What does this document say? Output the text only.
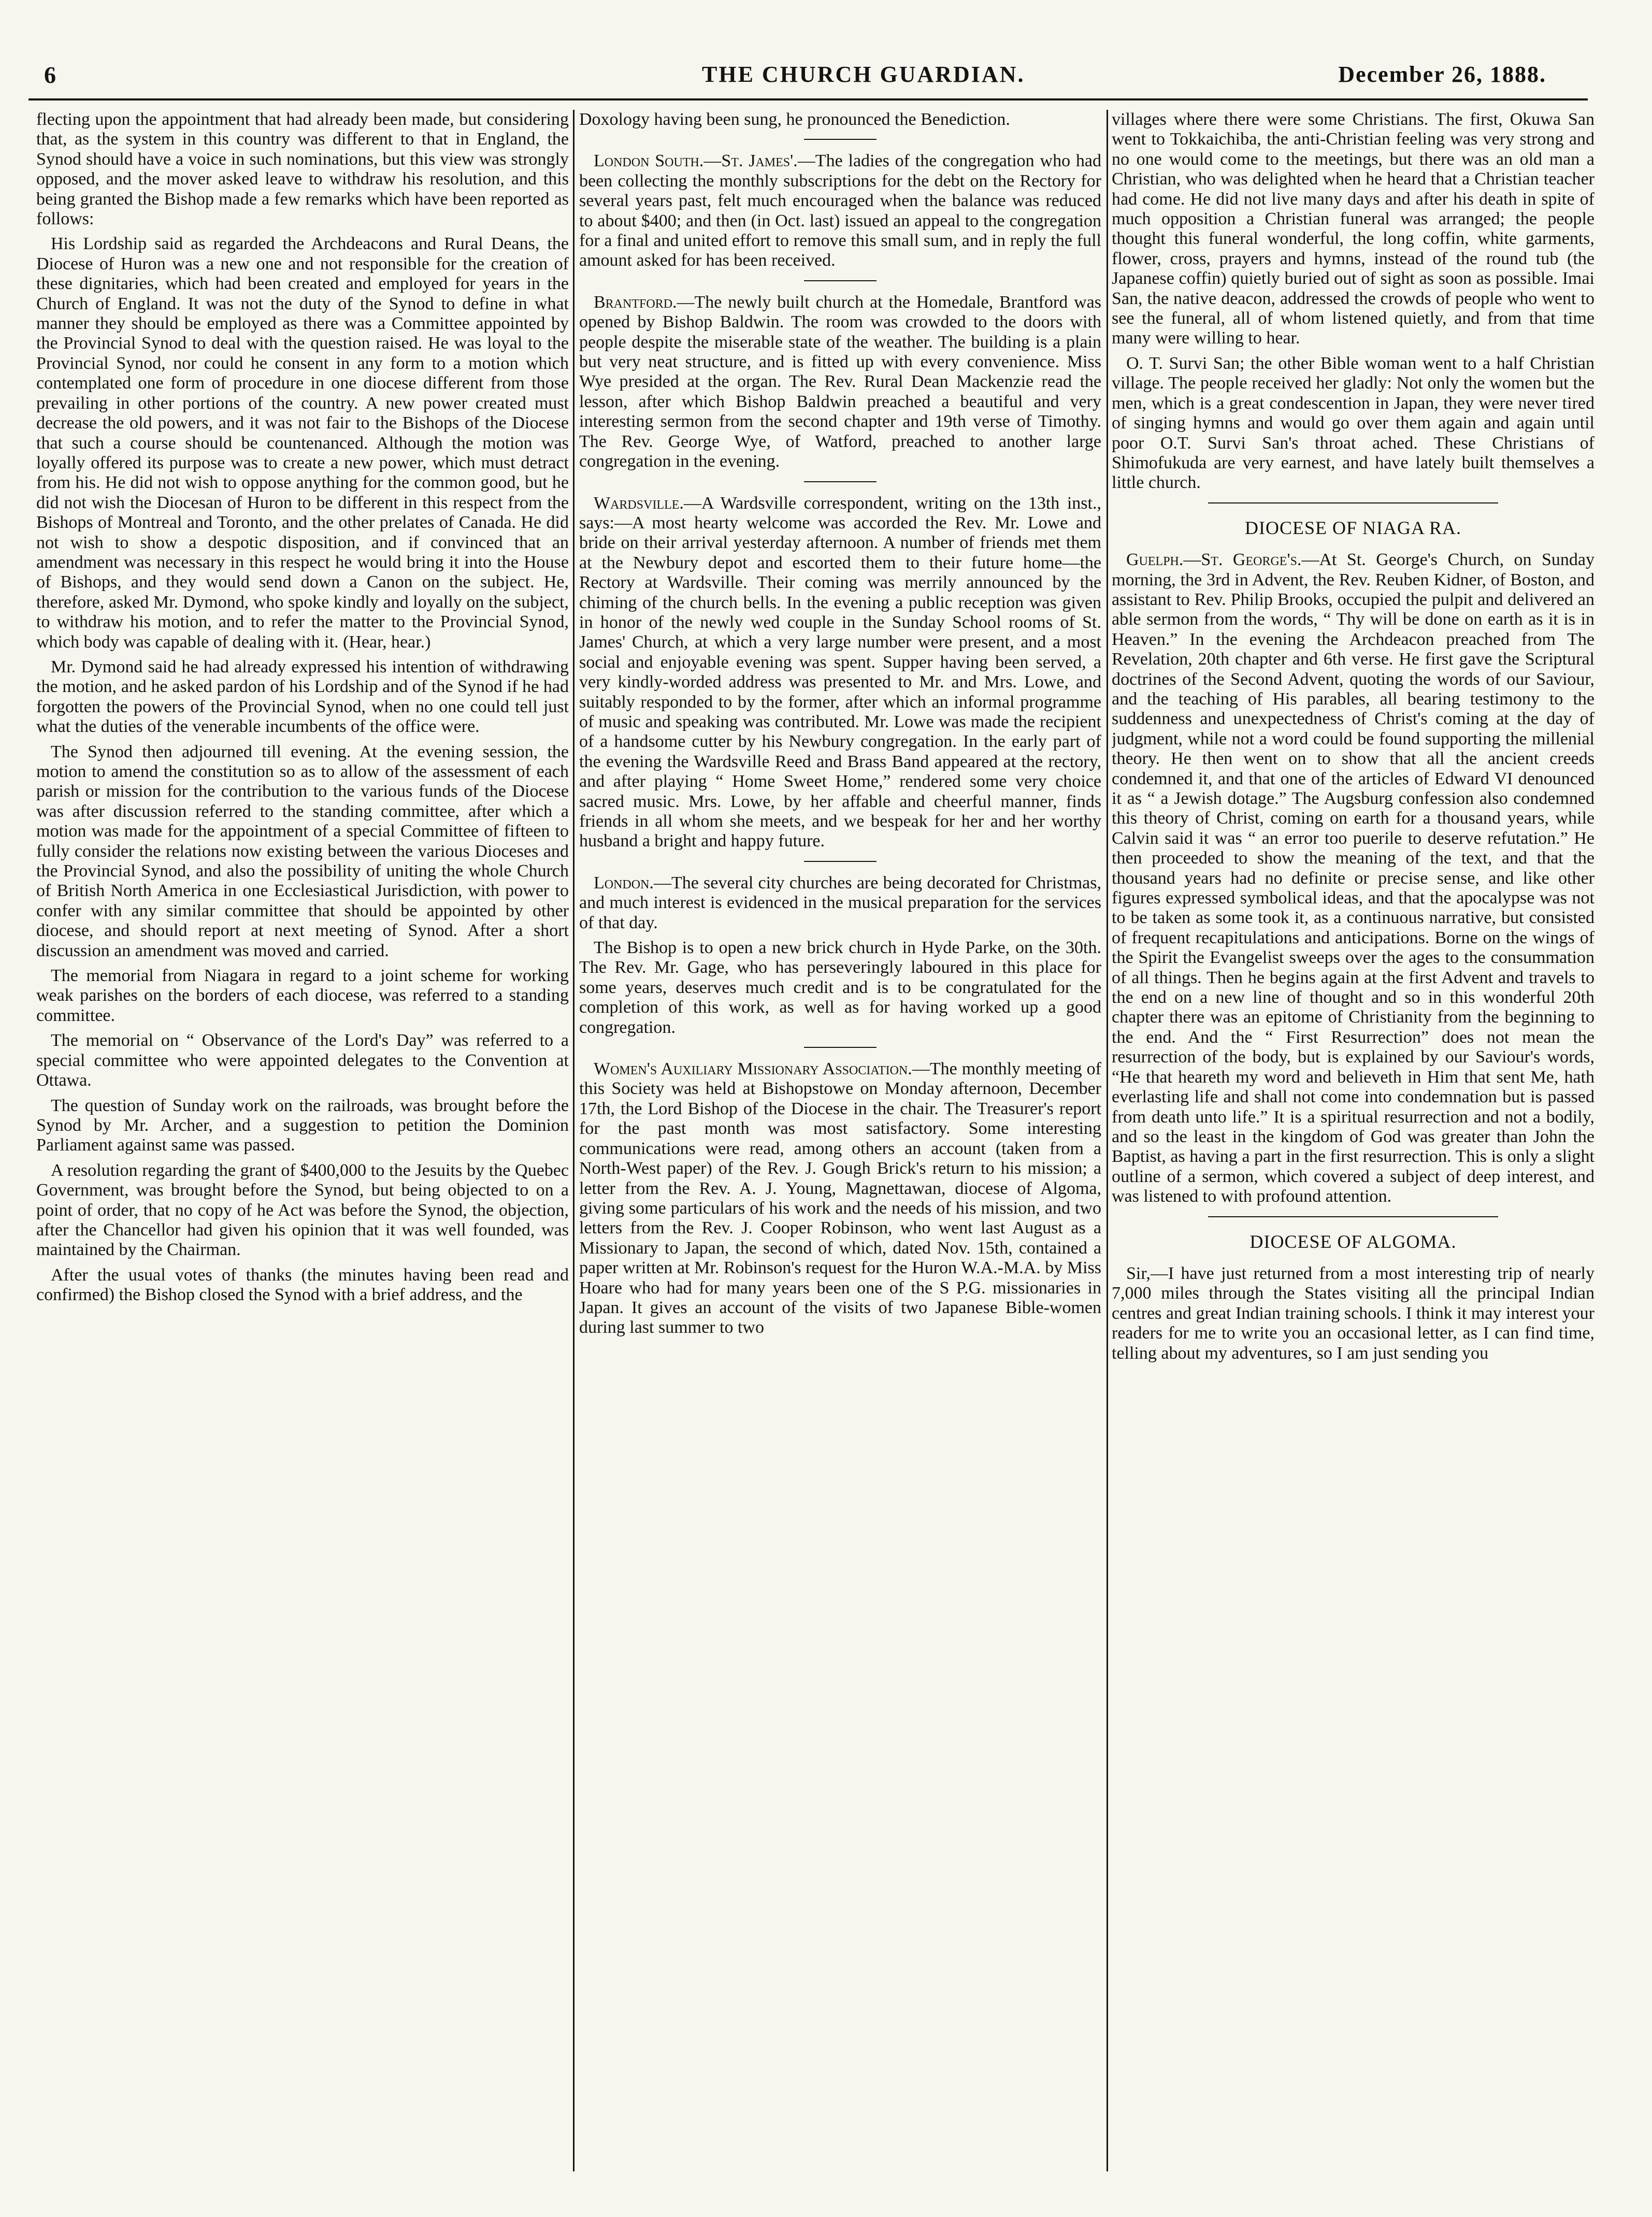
6	THE CHURCH GUARDIAN.	December 26, 1888.

flecting upon the appointment that had already been made, but considering that, as the system in this country was different to that in England, the Synod should have a voice in such nominations, but this view was strongly opposed, and the mover asked leave to withdraw his resolution, and this being granted the Bishop made a few remarks which have been reported as follows:

His Lordship said as regarded the Archdeacons and Rural Deans, the Diocese of Huron was a new one and not responsible for the creation of these dignitaries, which had been created and employed for years in the Church of England. It was not the duty of the Synod to define in what manner they should be employed as there was a Committee appointed by the Provincial Synod to deal with the question raised. He was loyal to the Provincial Synod, nor could he consent in any form to a motion which contemplated one form of procedure in one diocese different from those prevailing in other portions of the country. A new power created must decrease the old powers, and it was not fair to the Bishops of the Diocese that such a course should be countenanced. Although the motion was loyally offered its purpose was to create a new power, which must detract from his. He did not wish to oppose anything for the common good, but he did not wish the Diocesan of Huron to be different in this respect from the Bishops of Montreal and Toronto, and the other prelates of Canada. He did not wish to show a despotic disposition, and if convinced that an amendment was necessary in this respect he would bring it into the House of Bishops, and they would send down a Canon on the subject. He, therefore, asked Mr. Dymond, who spoke kindly and loyally on the subject, to withdraw his motion, and to refer the matter to the Provincial Synod, which body was capable of dealing with it. (Hear, hear.)

Mr. Dymond said he had already expressed his intention of withdrawing the motion, and he asked pardon of his Lordship and of the Synod if he had forgotten the powers of the Provincial Synod, when no one could tell just what the duties of the venerable incumbents of the office were.

The Synod then adjourned till evening. At the evening session, the motion to amend the constitution so as to allow of the assessment of each parish or mission for the contribution to the various funds of the Diocese was after discussion referred to the standing committee, after which a motion was made for the appointment of a special Committee of fifteen to fully consider the relations now existing between the various Dioceses and the Provincial Synod, and also the possibility of uniting the whole Church of British North America in one Ecclesiastical Jurisdiction, with power to confer with any similar committee that should be appointed by other diocese, and should report at next meeting of Synod. After a short discussion an amendment was moved and carried.

The memorial from Niagara in regard to a joint scheme for working weak parishes on the borders of each diocese, was referred to a standing committee.

The memorial on “ Observance of the Lord's Day” was referred to a special committee who were appointed delegates to the Convention at Ottawa.

The question of Sunday work on the railroads, was brought before the Synod by Mr. Archer, and a suggestion to petition the Dominion Parliament against same was passed.

A resolution regarding the grant of $400,000 to the Jesuits by the Quebec Government, was brought before the Synod, but being objected to on a point of order, that no copy of he Act was before the Synod, the objection, after the Chancellor had given his opinion that it was well founded, was maintained by the Chairman.

After the usual votes of thanks (the minutes having been read and confirmed) the Bishop closed the Synod with a brief address, and the

Doxology having been sung, he pronounced the Benediction.

London South.—St. James'.—The ladies of the congregation who had been collecting the monthly subscriptions for the debt on the Rectory for several years past, felt much encouraged when the balance was reduced to about $400; and then (in Oct. last) issued an appeal to the congregation for a final and united effort to remove this small sum, and in reply the full amount asked for has been received.

Brantford.—The newly built church at the Homedale, Brantford was opened by Bishop Baldwin. The room was crowded to the doors with people despite the miserable state of the weather. The building is a plain but very neat structure, and is fitted up with every convenience. Miss Wye presided at the organ. The Rev. Rural Dean Mackenzie read the lesson, after which Bishop Baldwin preached a beautiful and very interesting sermon from the second chapter and 19th verse of Timothy. The Rev. George Wye, of Watford, preached to another large congregation in the evening.

Wardsville.—A Wardsville correspondent, writing on the 13th inst., says:—A most hearty welcome was accorded the Rev. Mr. Lowe and bride on their arrival yesterday afternoon. A number of friends met them at the Newbury depot and escorted them to their future home—the Rectory at Wardsville. Their coming was merrily announced by the chiming of the church bells. In the evening a public reception was given in honor of the newly wed couple in the Sunday School rooms of St. James' Church, at which a very large number were present, and a most social and enjoyable evening was spent. Supper having been served, a very kindly-worded address was presented to Mr. and Mrs. Lowe, and suitably responded to by the former, after which an informal programme of music and speaking was contributed. Mr. Lowe was made the recipient of a handsome cutter by his Newbury congregation. In the early part of the evening the Wardsville Reed and Brass Band appeared at the rectory, and after playing “ Home Sweet Home,” rendered some very choice sacred music. Mrs. Lowe, by her affable and cheerful manner, finds friends in all whom she meets, and we bespeak for her and her worthy husband a bright and happy future.

London.—The several city churches are being decorated for Christmas, and much interest is evidenced in the musical preparation for the services of that day.

The Bishop is to open a new brick church in Hyde Parke, on the 30th. The Rev. Mr. Gage, who has perseveringly laboured in this place for some years, deserves much credit and is to be congratulated for the completion of this work, as well as for having worked up a good congregation.

Women's Auxiliary Missionary Association.—The monthly meeting of this Society was held at Bishopstowe on Monday afternoon, December 17th, the Lord Bishop of the Diocese in the chair. The Treasurer's report for the past month was most satisfactory. Some interesting communications were read, among others an account (taken from a North-West paper) of the Rev. J. Gough Brick's return to his mission; a letter from the Rev. A. J. Young, Magnettawan, diocese of Algoma, giving some particulars of his work and the needs of his mission, and two letters from the Rev. J. Cooper Robinson, who went last August as a Missionary to Japan, the second of which, dated Nov. 15th, contained a paper written at Mr. Robinson's request for the Huron W.A.-M.A. by Miss Hoare who had for many years been one of the S P.G. missionaries in Japan. It gives an account of the visits of two Japanese Bible-women during last summer to two

villages where there were some Christians. The first, Okuwa San went to Tokkaichiba, the anti-Christian feeling was very strong and no one would come to the meetings, but there was an old man a Christian, who was delighted when he heard that a Christian teacher had come. He did not live many days and after his death in spite of much opposition a Christian funeral was arranged; the people thought this funeral wonderful, the long coffin, white garments, flower, cross, prayers and hymns, instead of the round tub (the Japanese coffin) quietly buried out of sight as soon as possible. Imai San, the native deacon, addressed the crowds of people who went to see the funeral, all of whom listened quietly, and from that time many were willing to hear.

O. T. Survi San; the other Bible woman went to a half Christian village. The people received her gladly: Not only the women but the men, which is a great condescention in Japan, they were never tired of singing hymns and would go over them again and again until poor O.T. Survi San's throat ached. These Christians of Shimofukuda are very earnest, and have lately built themselves a little church.

DIOCESE OF NIAGA RA.

Guelph.—St. George's.—At St. George's Church, on Sunday morning, the 3rd in Advent, the Rev. Reuben Kidner, of Boston, and assistant to Rev. Philip Brooks, occupied the pulpit and delivered an able sermon from the words, “ Thy will be done on earth as it is in Heaven.” In the evening the Archdeacon preached from The Revelation, 20th chapter and 6th verse. He first gave the Scriptural doctrines of the Second Advent, quoting the words of our Saviour, and the teaching of His parables, all bearing testimony to the suddenness and unexpectedness of Christ's coming at the day of judgment, while not a word could be found supporting the millenial theory. He then went on to show that all the ancient creeds condemned it, and that one of the articles of Edward VI denounced it as “ a Jewish dotage.” The Augsburg confession also condemned this theory of Christ, coming on earth for a thousand years, while Calvin said it was “ an error too puerile to deserve refutation.” He then proceeded to show the meaning of the text, and that the thousand years had no definite or precise sense, and like other figures expressed symbolical ideas, and that the apocalypse was not to be taken as some took it, as a continuous narrative, but consisted of frequent recapitulations and anticipations. Borne on the wings of the Spirit the Evangelist sweeps over the ages to the consummation of all things. Then he begins again at the first Advent and travels to the end on a new line of thought and so in this wonderful 20th chapter there was an epitome of Christianity from the beginning to the end. And the “ First Resurrection” does not mean the resurrection of the body, but is explained by our Saviour's words, “He that heareth my word and believeth in Him that sent Me, hath everlasting life and shall not come into condemnation but is passed from death unto life.” It is a spiritual resurrection and not a bodily, and so the least in the kingdom of God was greater than John the Baptist, as having a part in the first resurrection. This is only a slight outline of a sermon, which covered a subject of deep interest, and was listened to with profound attention.

DIOCESE OF ALGOMA.

Sir,—I have just returned from a most interesting trip of nearly 7,000 miles through the States visiting all the principal Indian centres and great Indian training schools. I think it may interest your readers for me to write you an occasional letter, as I can find time, telling about my adventures, so I am just sending you
